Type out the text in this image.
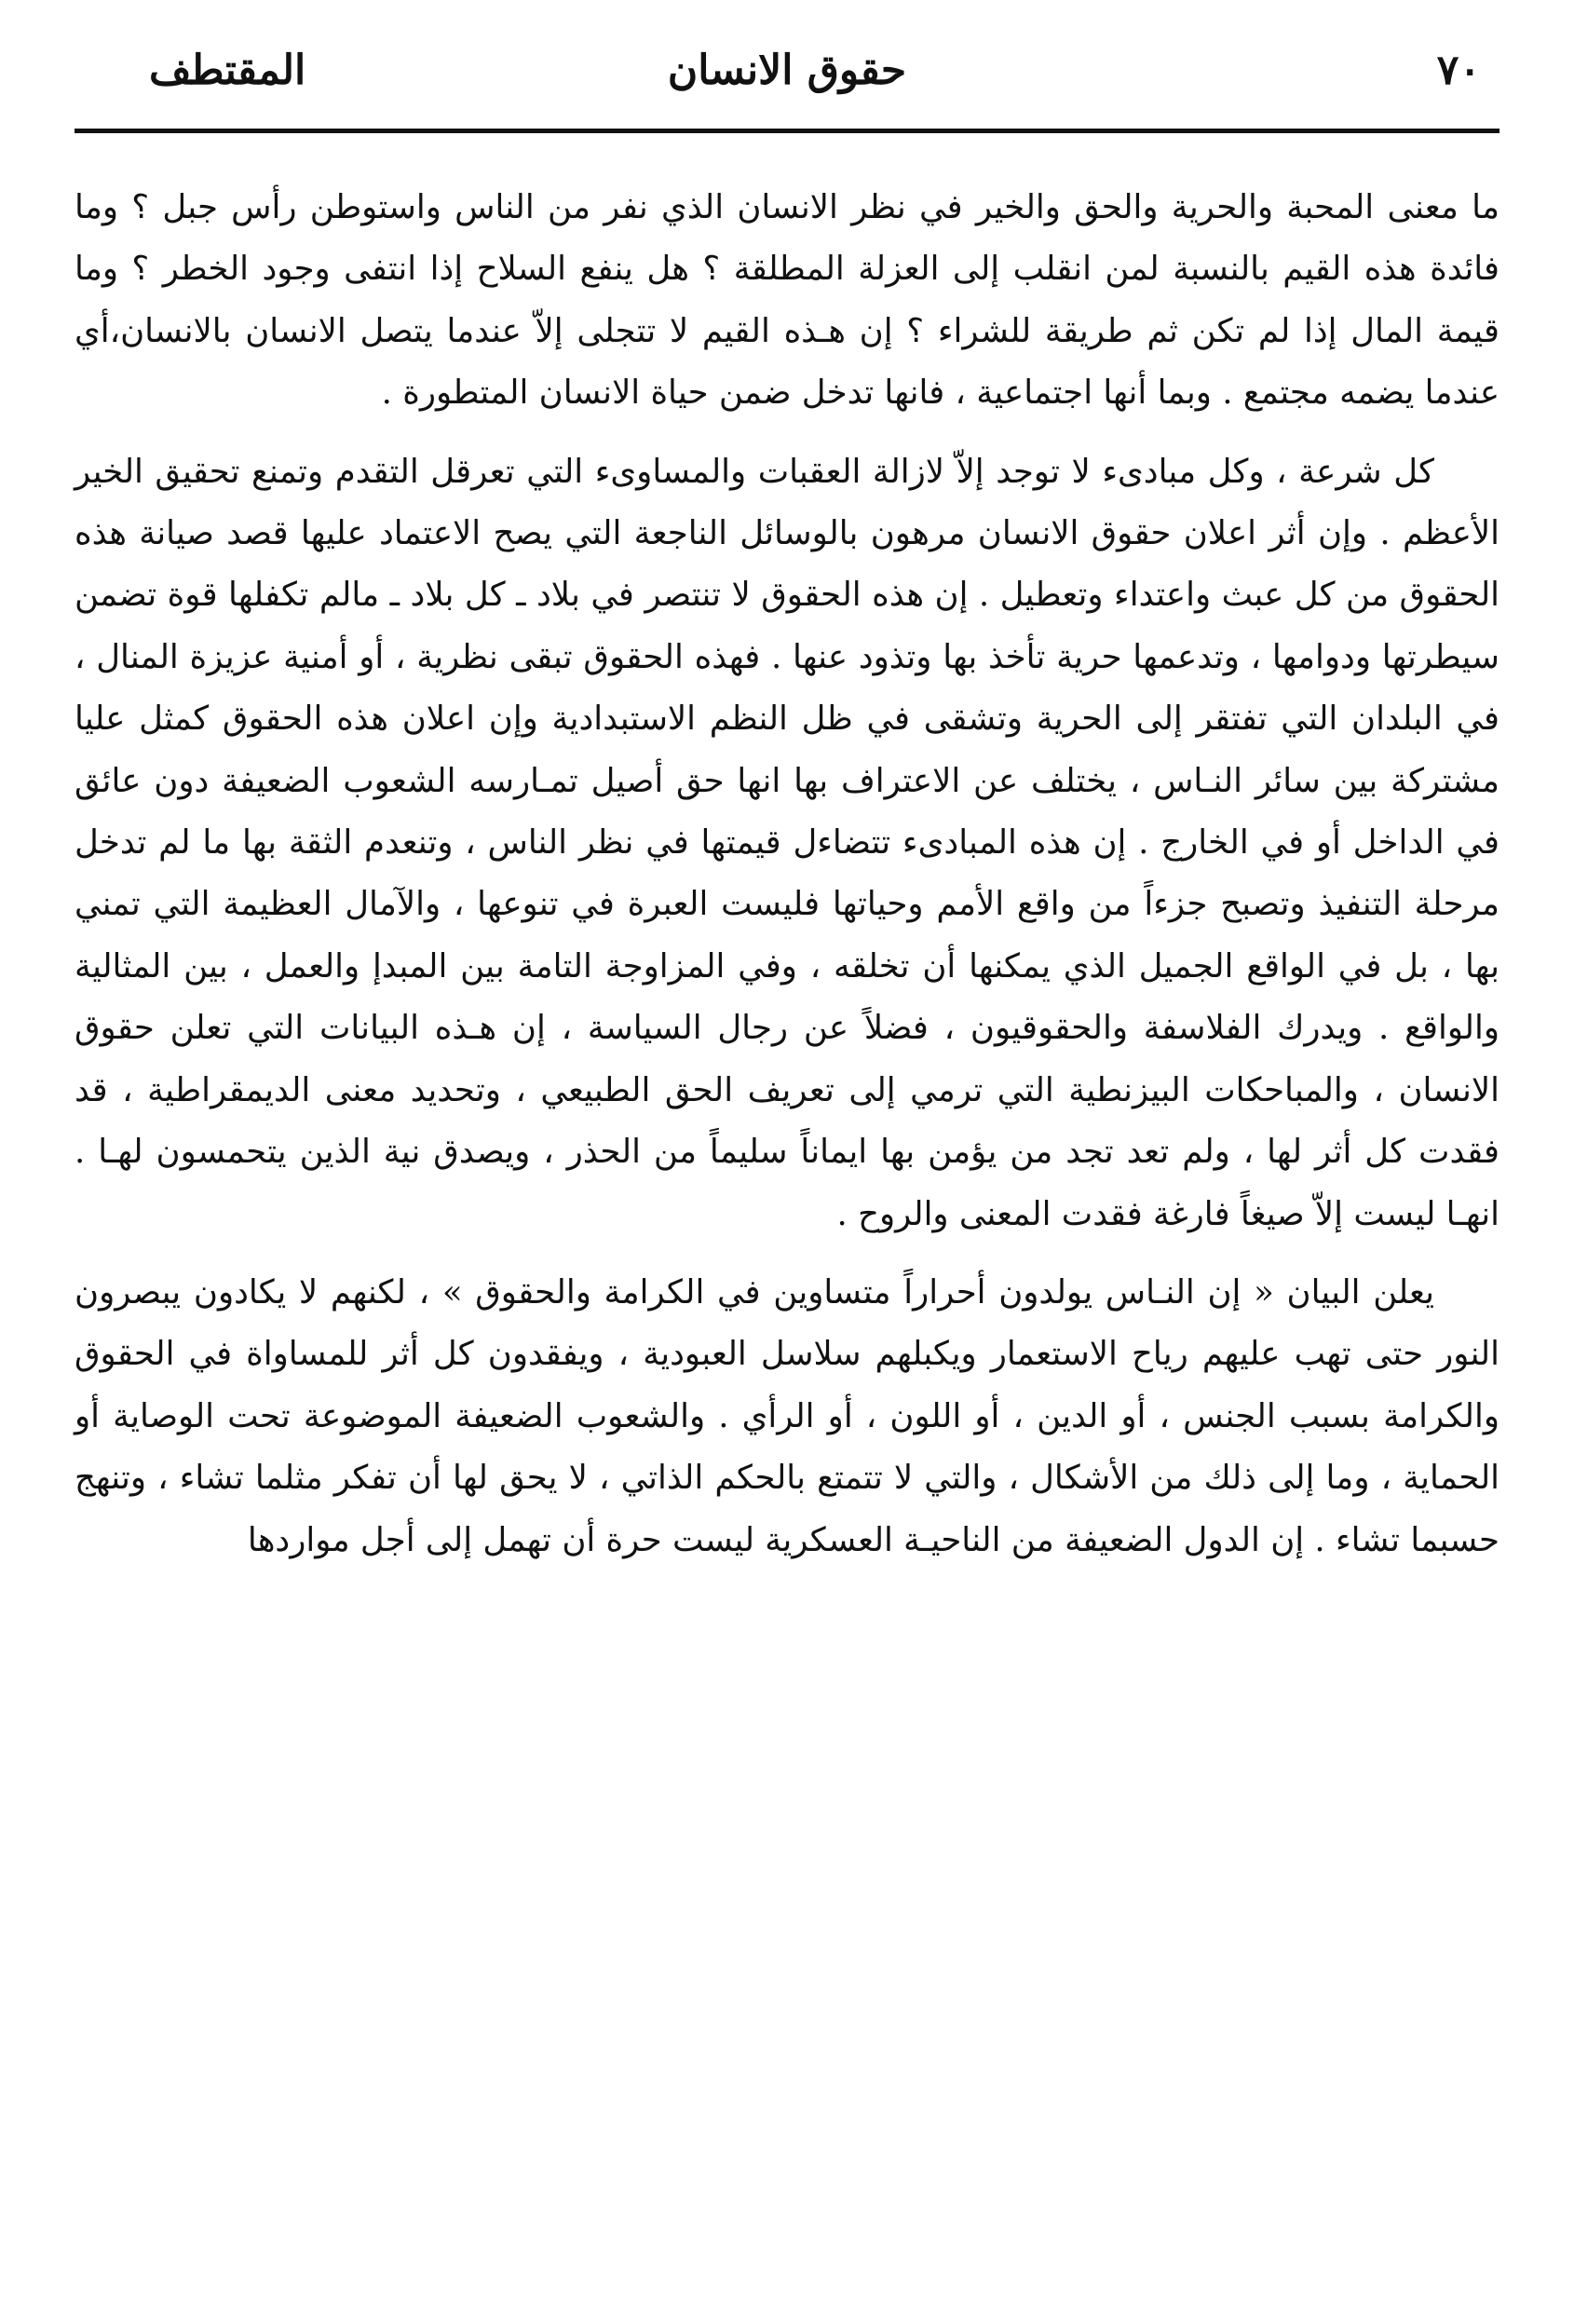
٧٠
حقوق الانسان
المقتطف

ما معنى المحبة والحرية والحق والخير في نظر الانسان الذي نفر من الناس واستوطن رأس جبل ؟ وما فائدة هذه القيم بالنسبة لمن انقلب إلى العزلة المطلقة ؟ هل ينفع السلاح إذا انتفى وجود الخطر ؟ وما قيمة المال إذا لم تكن ثم طريقة للشراء ؟ إن هـذه القيم لا تتجلى إلاّ عندما يتصل الانسان بالانسان،أي عندما يضمه مجتمع . وبما أنها اجتماعية ، فانها تدخل ضمن حياة الانسان المتطورة .

كل شرعة ، وكل مبادىء لا توجد إلاّ لازالة العقبات والمساوىء التي تعرقل التقدم وتمنع تحقيق الخير الأعظم . وإن أثر اعلان حقوق الانسان مرهون بالوسائل الناجعة التي يصح الاعتماد عليها قصد صيانة هذه الحقوق من كل عبث واعتداء وتعطيل . إن هذه الحقوق لا تنتصر في بلاد ـ كل بلاد ـ مالم تكفلها قوة تضمن سيطرتها ودوامها ، وتدعمها حرية تأخذ بها وتذود عنها . فهذه الحقوق تبقى نظرية ، أو أمنية عزيزة المنال ، في البلدان التي تفتقر إلى الحرية وتشقى في ظل النظم الاستبدادية وإن اعلان هذه الحقوق كمثل عليا مشتركة بين سائر النـاس ، يختلف عن الاعتراف بها انها حق أصيل تمـارسه الشعوب الضعيفة دون عائق في الداخل أو في الخارج . إن هذه المبادىء تتضاءل قيمتها في نظر الناس ، وتنعدم الثقة بها ما لم تدخل مرحلة التنفيذ وتصبح جزءاً من واقع الأمم وحياتها فليست العبرة في تنوعها ، والآمال العظيمة التي تمني بها ، بل في الواقع الجميل الذي يمكنها أن تخلقه ، وفي المزاوجة التامة بين المبدإ والعمل ، بين المثالية والواقع . ويدرك الفلاسفة والحقوقيون ، فضلاً عن رجال السياسة ، إن هـذه البيانات التي تعلن حقوق الانسان ، والمباحكات البيزنطية التي ترمي إلى تعريف الحق الطبيعي ، وتحديد معنى الديمقراطية ، قد فقدت كل أثر لها ، ولم تعد تجد من يؤمن بها ايماناً سليماً من الحذر ، ويصدق نية الذين يتحمسون لهـا . انهـا ليست إلاّ صيغاً فارغة فقدت المعنى والروح .

يعلن البيان « إن النـاس يولدون أحراراً متساوين في الكرامة والحقوق » ، لكنهم لا يكادون يبصرون النور حتى تهب عليهم رياح الاستعمار ويكبلهم سلاسل العبودية ، ويفقدون كل أثر للمساواة في الحقوق والكرامة بسبب الجنس ، أو الدين ، أو اللون ، أو الرأي . والشعوب الضعيفة الموضوعة تحت الوصاية أو الحماية ، وما إلى ذلك من الأشكال ، والتي لا تتمتع بالحكم الذاتي ، لا يحق لها أن تفكر مثلما تشاء ، وتنهج حسبما تشاء . إن الدول الضعيفة من الناحيـة العسكرية ليست حرة أن تهمل إلى أجل مواردها
